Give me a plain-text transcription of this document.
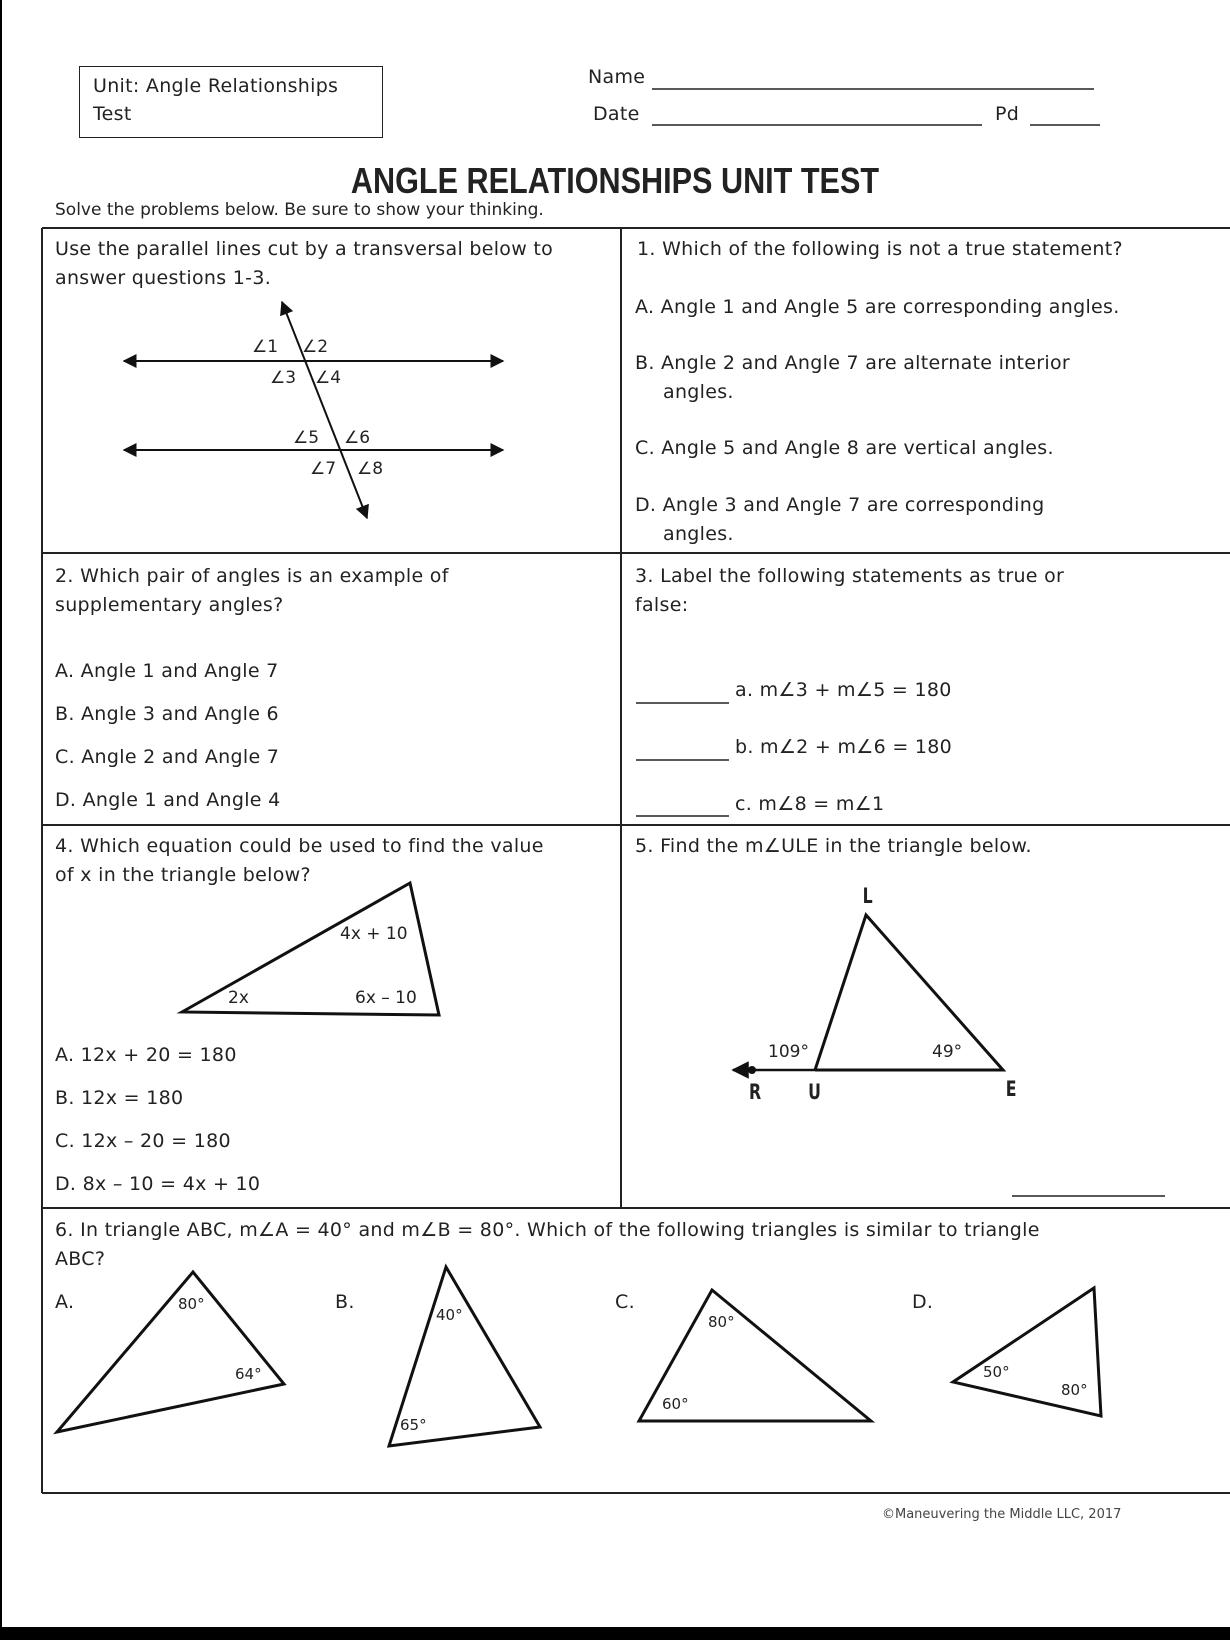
Unit: Angle Relationships
Test
Name
Date	Pd
ANGLE RELATIONSHIPS UNIT TEST
Solve the problems below. Be sure to show your thinking.
Use the parallel lines cut by a transversal below to
answer questions 1-3.
∠1 ∠2
∠3 ∠4
∠5 ∠6
∠7 ∠8
1. Which of the following is not a true statement?
A. Angle 1 and Angle 5 are corresponding angles.
B. Angle 2 and Angle 7 are alternate interior
angles.
C. Angle 5 and Angle 8 are vertical angles.
D. Angle 3 and Angle 7 are corresponding
angles.
2. Which pair of angles is an example of
supplementary angles?
A. Angle 1 and Angle 7
B. Angle 3 and Angle 6
C. Angle 2 and Angle 7
D. Angle 1 and Angle 4
3. Label the following statements as true or
false:
a. m∠3 + m∠5 = 180
b. m∠2 + m∠6 = 180
c. m∠8 = m∠1
4. Which equation could be used to find the value
of x in the triangle below?
4x + 10
2x	6x – 10
A. 12x + 20 = 180
B. 12x = 180
C. 12x – 20 = 180
D. 8x – 10 = 4x + 10
5. Find the m∠ULE in the triangle below.
L
R U	E
109°	49°
6. In triangle ABC, m∠A = 40° and m∠B = 80°. Which of the following triangles is similar to triangle
ABC?
A.	B.	C.	D.
80°
64°
40°
65°
80°
60°
50°
80°
©Maneuvering the Middle LLC, 2017
